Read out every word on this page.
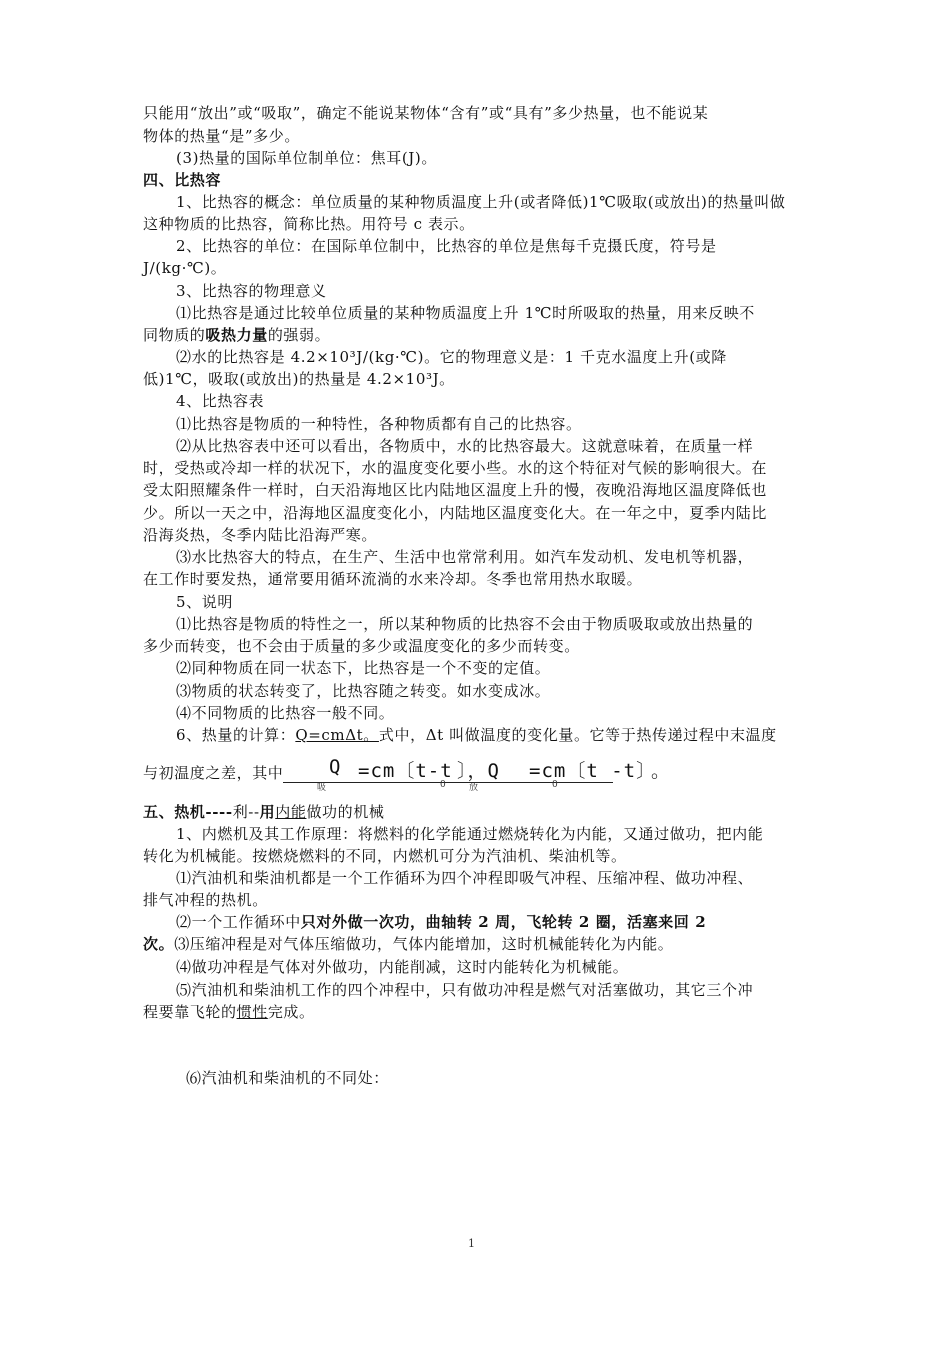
只能用“放出”或“吸取”，确定不能说某物体“含有”或“具有”多少热量，也不能说某
物体的热量“是”多少。
(3)热量的国际单位制单位：焦耳(J)。
四、比热容
1、比热容的概念：单位质量的某种物质温度上升(或者降低)1℃吸取(或放出)的热量叫做
这种物质的比热容，简称比热。用符号 c 表示。
2、比热容的单位：在国际单位制中，比热容的单位是焦每千克摄氏度，符号是
J/(kg·℃)。
3、比热容的物理意义
⑴比热容是通过比较单位质量的某种物质温度上升 1℃时所吸取的热量，用来反映不
同物质的吸热力量的强弱。
⑵水的比热容是 4.2×10³J/(kg·℃)。它的物理意义是：1 千克水温度上升(或降
低)1℃，吸取(或放出)的热量是 4.2×10³J。
4、比热容表
⑴比热容是物质的一种特性，各种物质都有自己的比热容。
⑵从比热容表中还可以看出，各物质中，水的比热容最大。这就意味着，在质量一样
时，受热或冷却一样的状况下，水的温度变化要小些。水的这个特征对气候的影响很大。在
受太阳照耀条件一样时，白天沿海地区比内陆地区温度上升的慢，夜晚沿海地区温度降低也
少。所以一天之中，沿海地区温度变化小，内陆地区温度变化大。在一年之中，夏季内陆比
沿海炎热，冬季内陆比沿海严寒。
⑶水比热容大的特点，在生产、生活中也常常利用。如汽车发动机、发电机等机器，
在工作时要发热，通常要用循环流淌的水来冷却。冬季也常用热水取暖。
5、说明
⑴比热容是物质的特性之一，所以某种物质的比热容不会由于物质吸取或放出热量的
多少而转变，也不会由于质量的多少或温度变化的多少而转变。
⑵同种物质在同一状态下，比热容是一个不变的定值。
⑶物质的状态转变了，比热容随之转变。如水变成冰。
⑷不同物质的比热容一般不同。
6、热量的计算：Q=cmΔt。式中，Δt 叫做温度的变化量。它等于热传递过程中末温度
与初温度之差，其中 Q =cm〔t-t 〕，Q =cm〔t -t〕
。
吸	0	放	0
五、热机----利--用内能做功的机械
1、内燃机及其工作原理：将燃料的化学能通过燃烧转化为内能，又通过做功，把内能
转化为机械能。按燃烧燃料的不同，内燃机可分为汽油机、柴油机等。
⑴汽油机和柴油机都是一个工作循环为四个冲程即吸气冲程、压缩冲程、做功冲程、
排气冲程的热机。
⑵一个工作循环中只对外做一次功，曲轴转 2 周，飞轮转 2 圈，活塞来回 2
次。⑶压缩冲程是对气体压缩做功，气体内能增加，这时机械能转化为内能。
⑷做功冲程是气体对外做功，内能削减，这时内能转化为机械能。
⑸汽油机和柴油机工作的四个冲程中，只有做功冲程是燃气对活塞做功，其它三个冲
程要靠飞轮的惯性完成。
⑹汽油机和柴油机的不同处：
1
